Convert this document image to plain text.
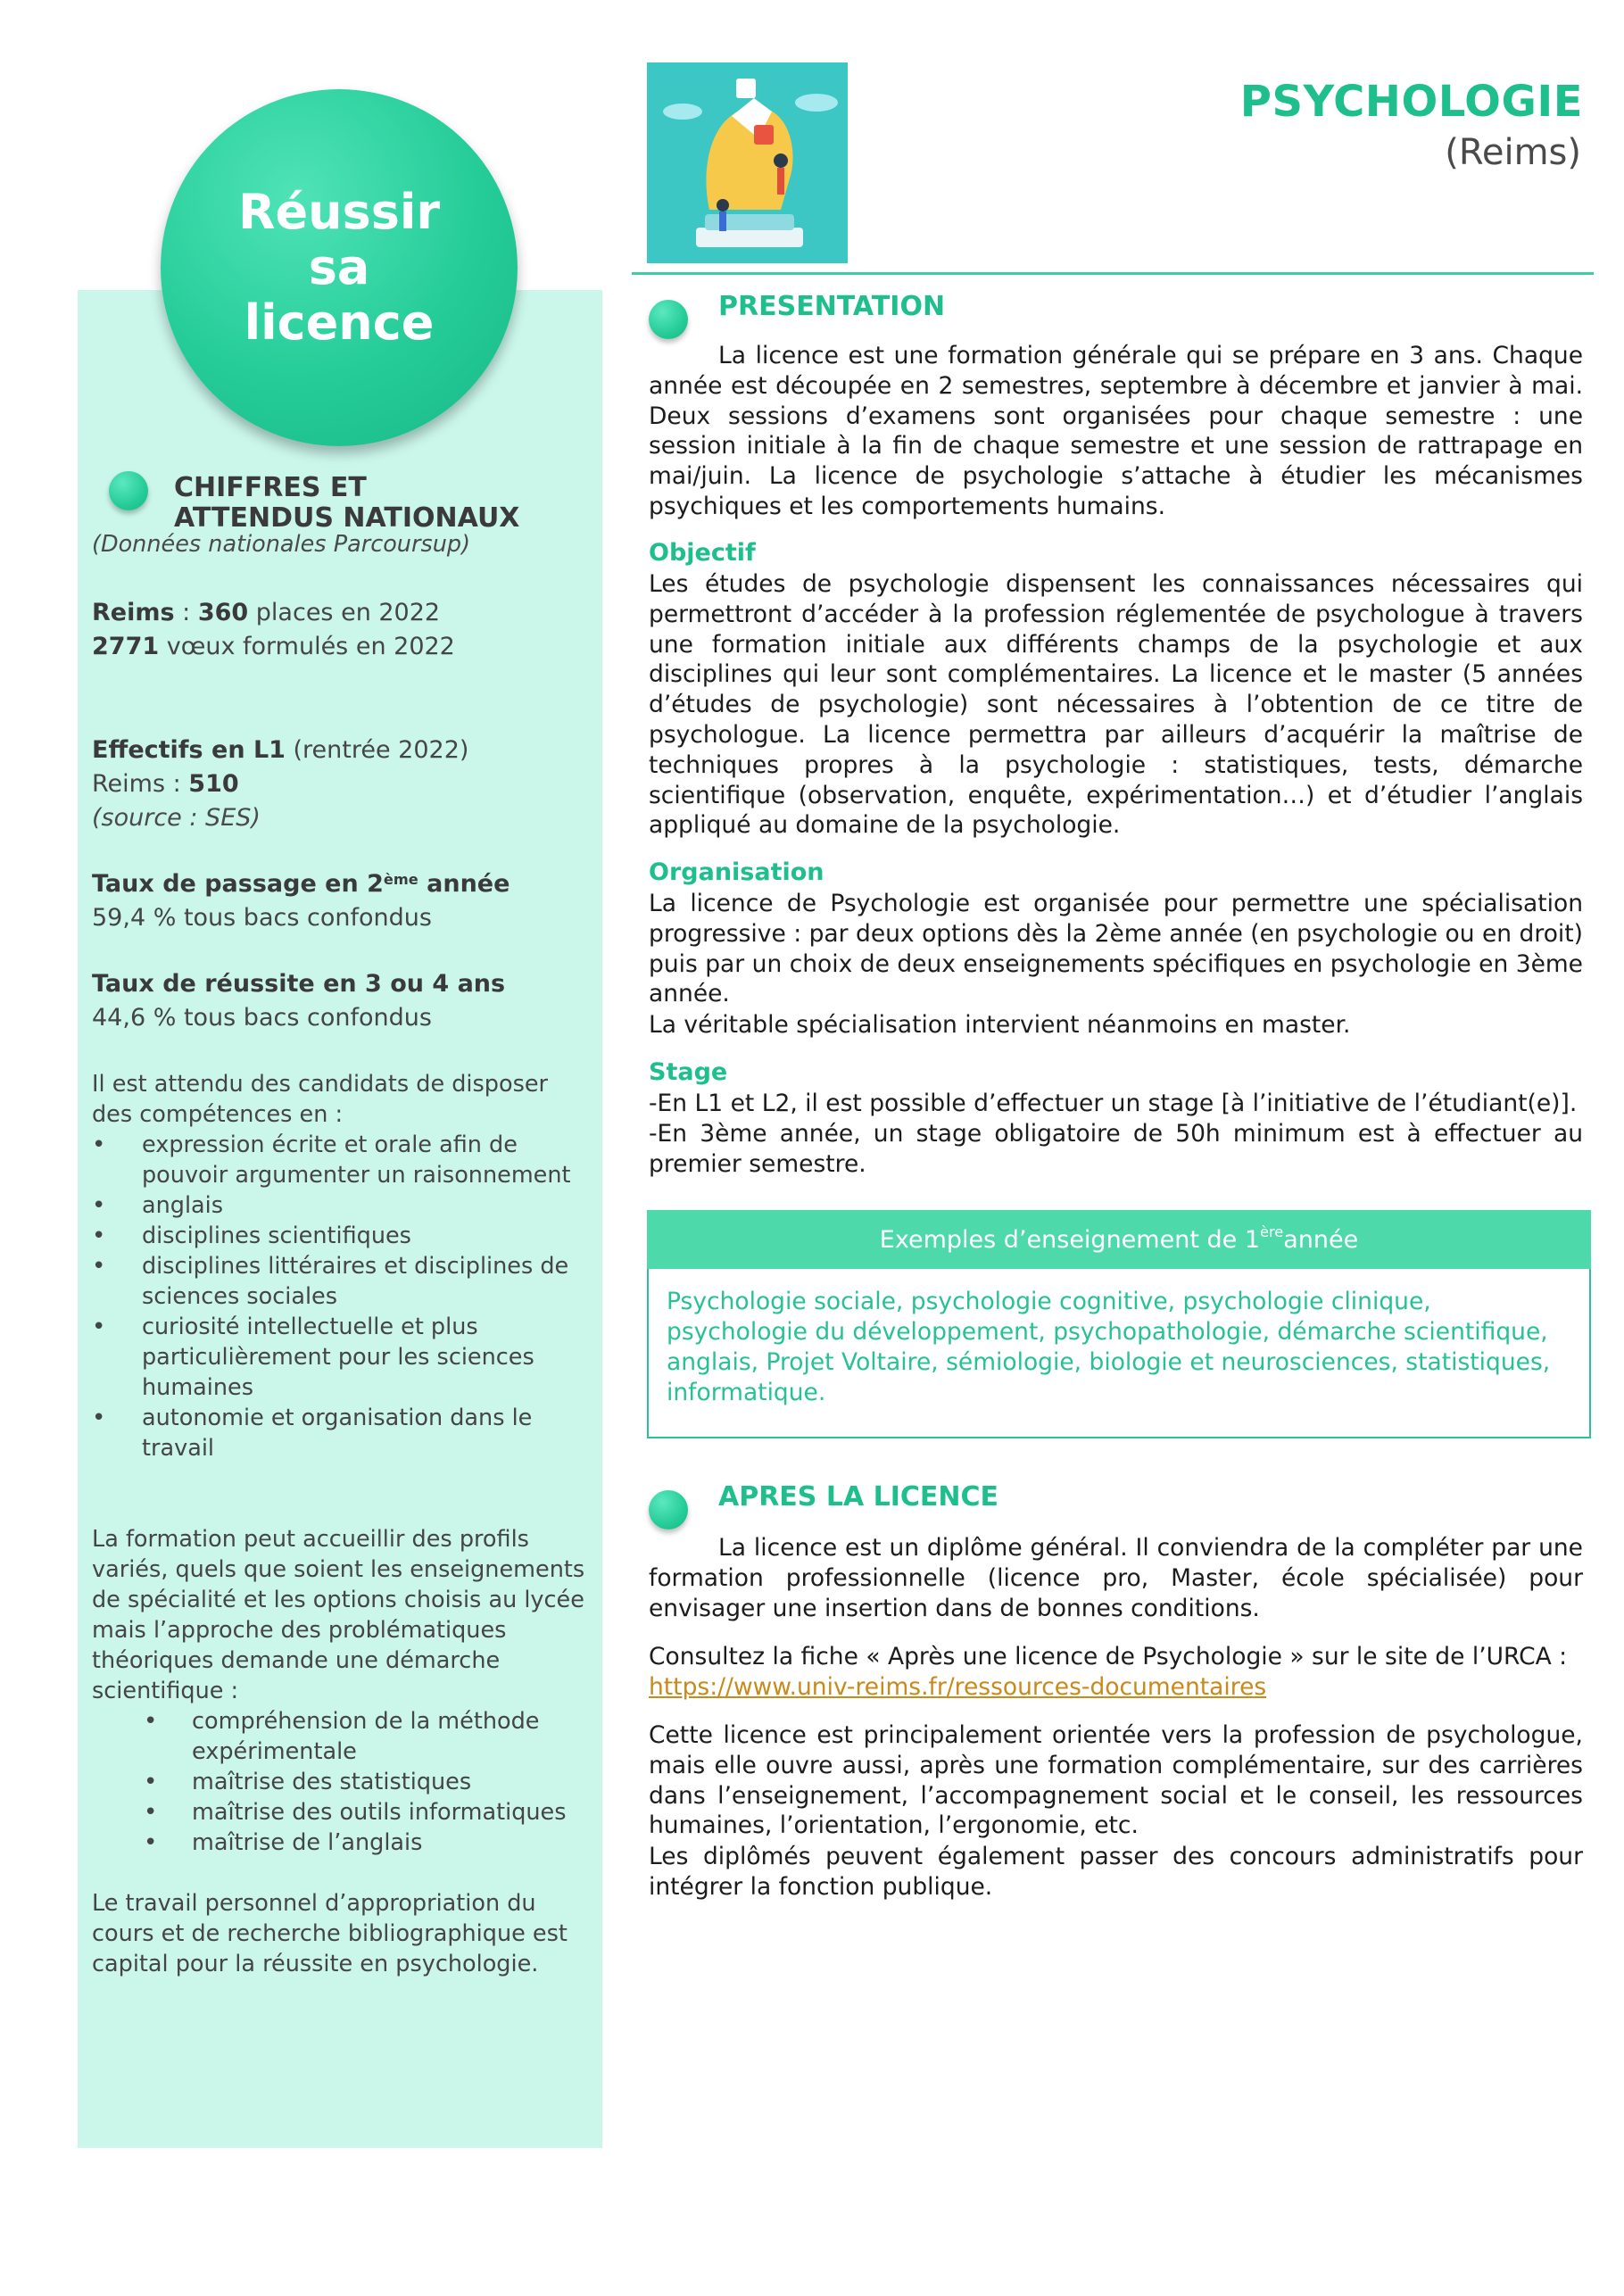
Réussir
sa
licence
CHIFFRES ET
ATTENDUS NATIONAUX
(Données nationales Parcoursup)
Reims : 360 places en 2022
2771 vœux formulés en 2022
Effectifs en L1 (rentrée 2022)
Reims : 510
(source : SES)
Taux de passage en 2ème année
59,4 % tous bacs confondus
Taux de réussite en 3 ou 4 ans
44,6 % tous bacs confondus
Il est attendu des candidats de disposer des compétences en :
• expression écrite et orale afin de pouvoir argumenter un raisonnement
• anglais
• disciplines scientifiques
• disciplines littéraires et disciplines de sciences sociales
• curiosité intellectuelle et plus particulièrement pour les sciences humaines
• autonomie et organisation dans le travail
La formation peut accueillir des profils variés, quels que soient les enseignements de spécialité et les options choisis au lycée mais l’approche des problématiques théoriques demande une démarche scientifique :
• compréhension de la méthode expérimentale
• maîtrise des statistiques
• maîtrise des outils informatiques
• maîtrise de l’anglais
Le travail personnel d’appropriation du cours et de recherche bibliographique est capital pour la réussite en psychologie.
PSYCHOLOGIE
(Reims)
PRESENTATION
La licence est une formation générale qui se prépare en 3 ans. Chaque année est découpée en 2 semestres, septembre à décembre et janvier à mai. Deux sessions d’examens sont organisées pour chaque semestre : une session initiale à la fin de chaque semestre et une session de rattrapage en mai/juin. La licence de psychologie s’attache à étudier les mécanismes psychiques et les comportements humains.
Objectif
Les études de psychologie dispensent les connaissances nécessaires qui permettront d’accéder à la profession réglementée de psychologue à travers une formation initiale aux différents champs de la psychologie et aux disciplines qui leur sont complémentaires. La licence et le master (5 années d’études de psychologie) sont nécessaires à l’obtention de ce titre de psychologue. La licence permettra par ailleurs d’acquérir la maîtrise de techniques propres à la psychologie : statistiques, tests, démarche scientifique (observation, enquête, expérimentation…) et d’étudier l’anglais appliqué au domaine de la psychologie.
Organisation
La licence de Psychologie est organisée pour permettre une spécialisation progressive : par deux options dès la 2ème année (en psychologie ou en droit) puis par un choix de deux enseignements spécifiques en psychologie en 3ème année.
La véritable spécialisation intervient néanmoins en master.
Stage
-En L1 et L2, il est possible d’effectuer un stage [à l’initiative de l’étudiant(e)].
-En 3ème année, un stage obligatoire de 50h minimum est à effectuer au premier semestre.
Exemples d’enseignement de 1ère année
Psychologie sociale, psychologie cognitive, psychologie clinique, psychologie du développement, psychopathologie, démarche scientifique, anglais, Projet Voltaire, sémiologie, biologie et neurosciences, statistiques, informatique.
APRES LA LICENCE
La licence est un diplôme général. Il conviendra de la compléter par une formation professionnelle (licence pro, Master, école spécialisée) pour envisager une insertion dans de bonnes conditions.
Consultez la fiche « Après une licence de Psychologie » sur le site de l’URCA :
https://www.univ-reims.fr/ressources-documentaires
Cette licence est principalement orientée vers la profession de psychologue, mais elle ouvre aussi, après une formation complémentaire, sur des carrières dans l’enseignement, l’accompagnement social et le conseil, les ressources humaines, l’orientation, l’ergonomie, etc.
Les diplômés peuvent également passer des concours administratifs pour intégrer la fonction publique.
